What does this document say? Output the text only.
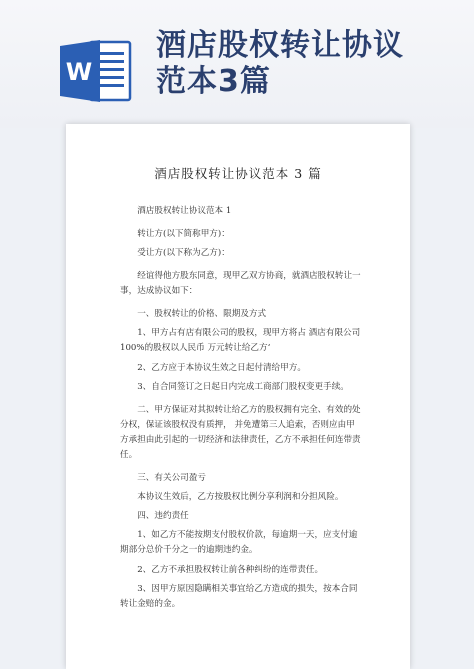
W
酒店股权转让协议
范本3篇
酒店股权转让协议范本 3 篇

酒店股权转让协议范本 1

转让方(以下简称甲方)：

受让方(以下称为乙方)：

经谊得他方股东同意，现甲乙双方协商，就酒店股权转让一事，达成协议如下：

一、股权转让的价格、限期及方式

1、甲方占有店有限公司的股权，现甲方将占 酒店有限公司 100%的股权以人民币 万元转让给乙方‘

2、乙方应于本协议生效之日起付清给甲方。

3、自合同签订之日起日内完成工商部门股权变更手续。

二、甲方保证对其拟转让给乙方的股权拥有完全、有效的处分权，保证该股权没有质押， 并免遭第三人追索，否则应由甲方承担由此引起的一切经济和法律责任，乙方不承担任何连带责任。

三、有关公司盈亏

本协议生效后，乙方按股权比例分享利润和分担风险。

四、违约责任

1、如乙方不能按期支付股权价款，每逾期一天，应支付逾期部分总价千分之一的逾期违约金。

2、乙方不承担股权转让前各种纠纷的连带责任。

3、因甲方原因隐瞒相关事宜给乙方造成的损失，按本合同转让金赔的金。
